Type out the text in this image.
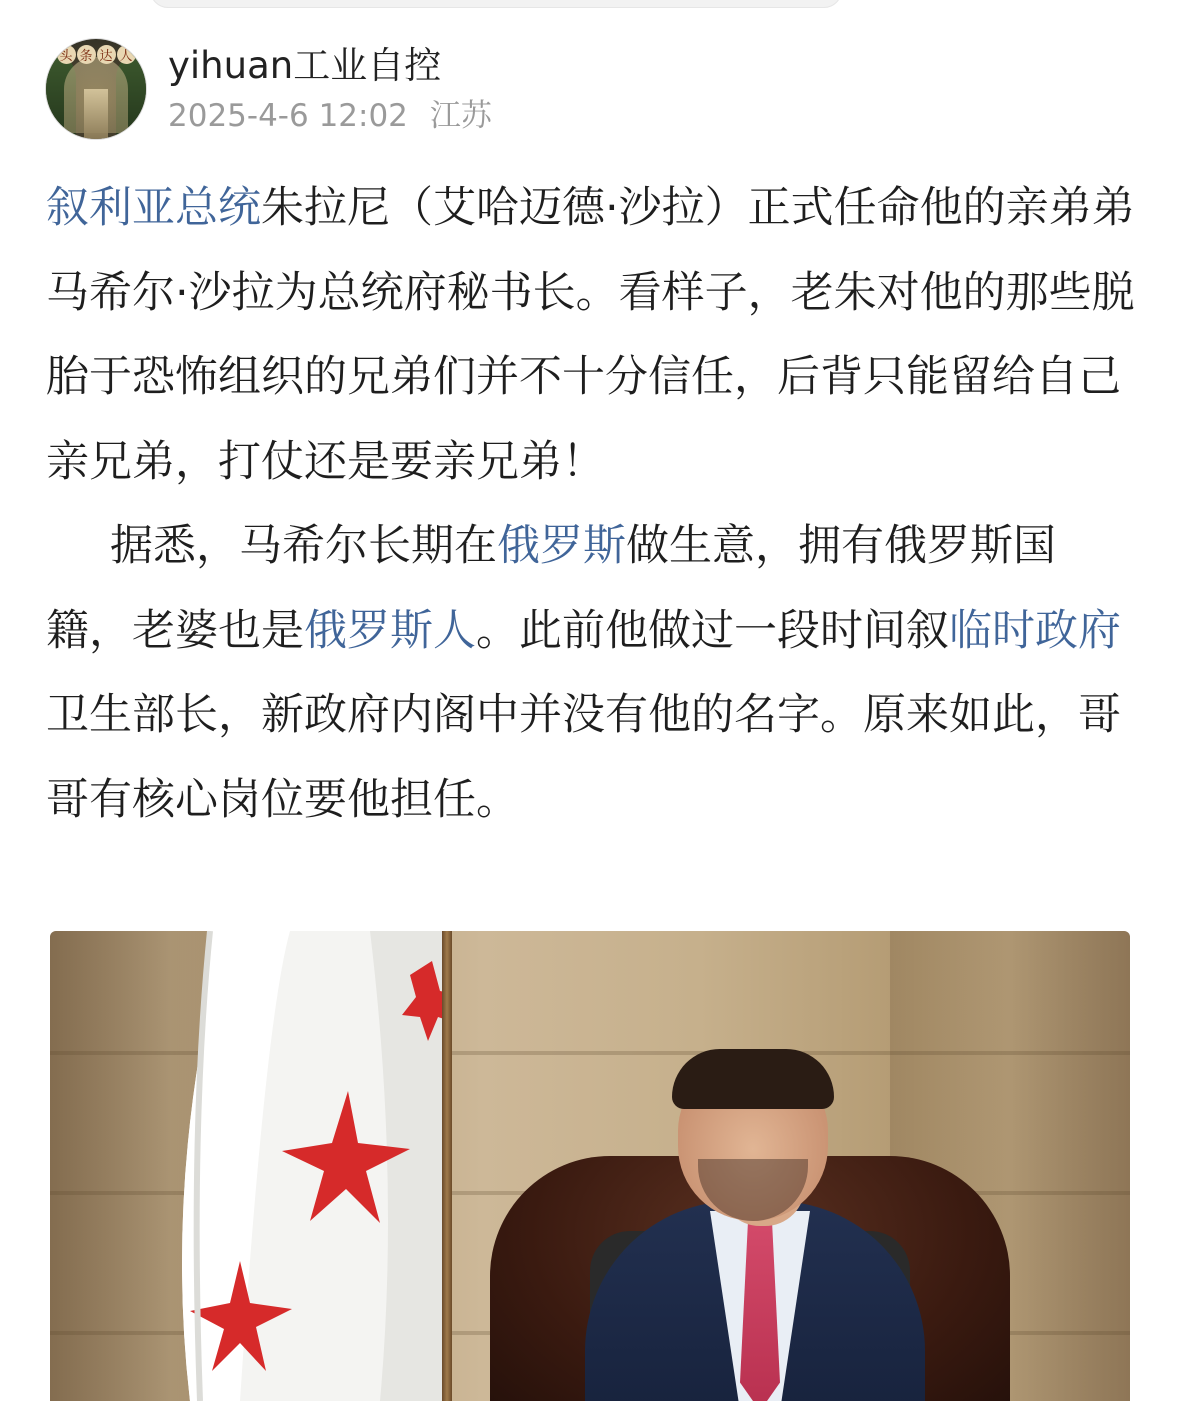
头 条 达 人 yihuan工业自控
2025-4-6 12:02 江苏

叙利亚总统朱拉尼（艾哈迈德·沙拉）正式任命他的亲弟弟马希尔·沙拉为总统府秘书长。看样子，老朱对他的那些脱胎于恐怖组织的兄弟们并不十分信任，后背只能留给自己亲兄弟，打仗还是要亲兄弟！

据悉，马希尔长期在俄罗斯做生意，拥有俄罗斯国籍，老婆也是俄罗斯人。此前他做过一段时间叙临时政府卫生部长，新政府内阁中并没有他的名字。原来如此，哥哥有核心岗位要他担任。
